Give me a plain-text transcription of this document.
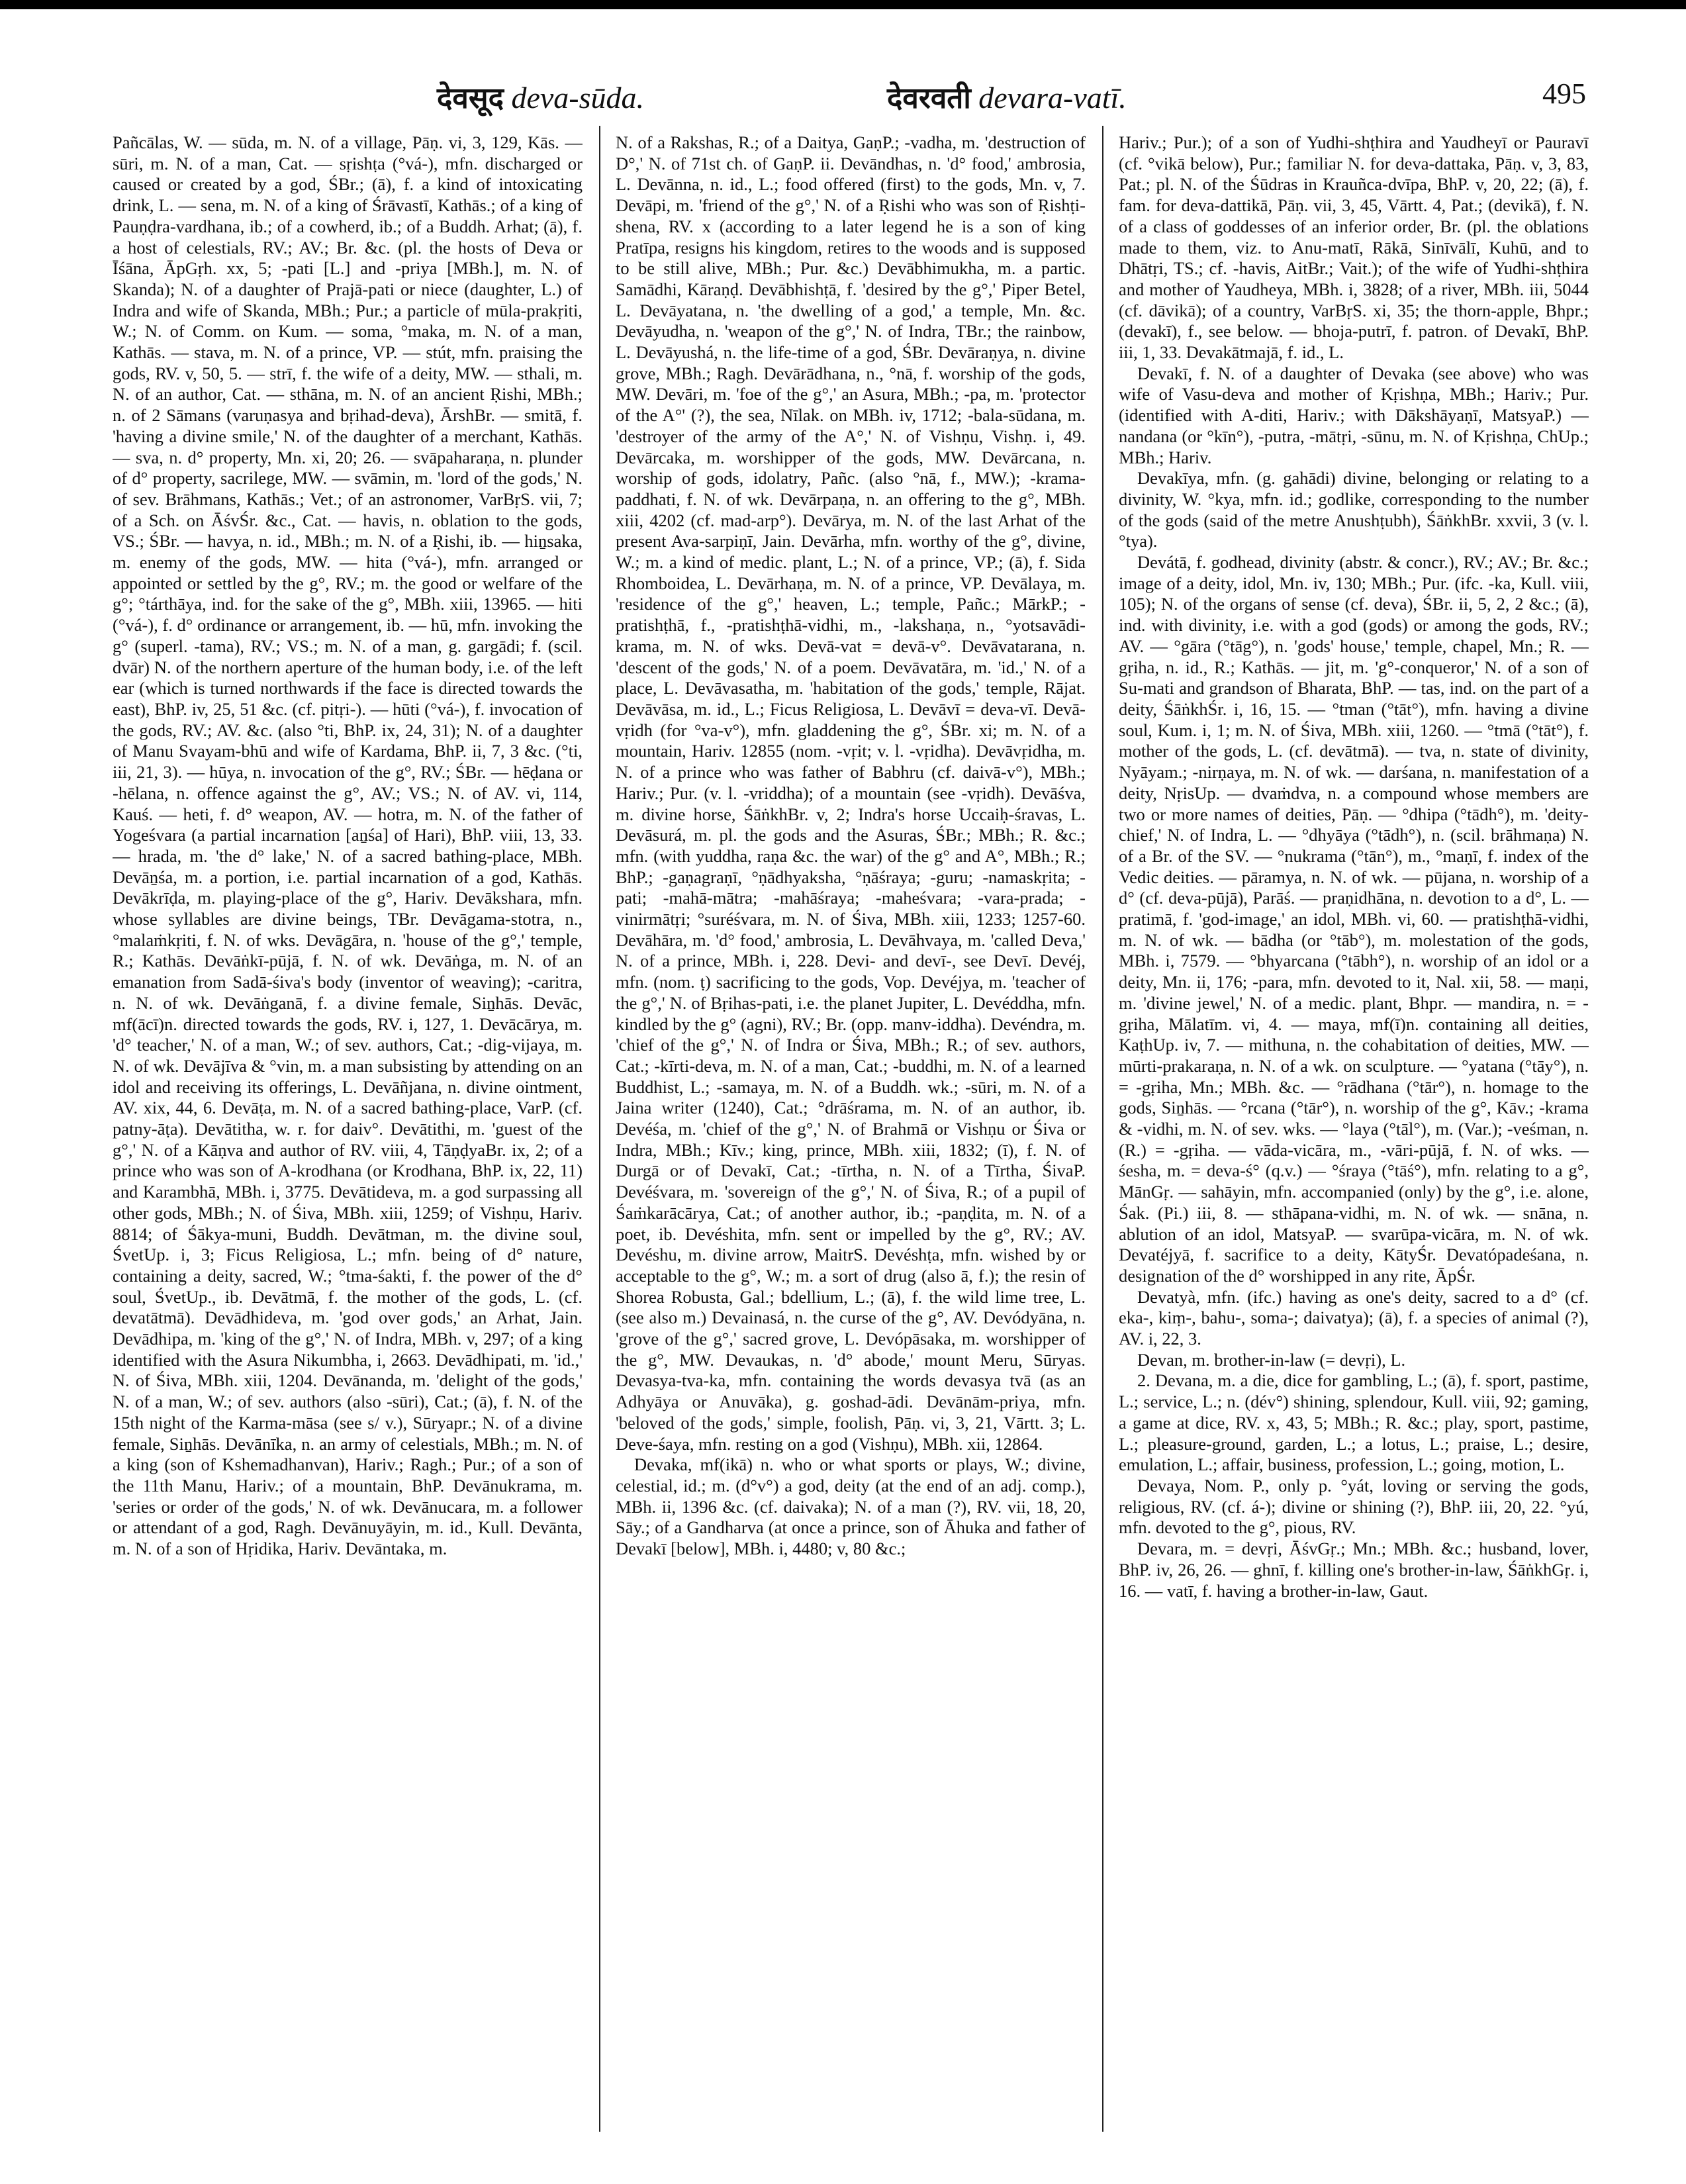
देवसूद deva-sūda.	देवरवती devara-vatī.	495

Pañcālas, W. — sūda, m. N. of a village, Pāṇ. vi, 3, 129, Kās. — sūri, m. N. of a man, Cat. — sṛishṭa (°vá-), mfn. discharged or caused or created by a god, ŚBr.; (ā), f. a kind of intoxicating drink, L. — sena, m. N. of a king of Śrāvastī, Kathās.; of a king of Pauṇḍra-vardhana, ib.; of a cowherd, ib.; of a Buddh. Arhat; (ā), f. a host of celestials, RV.; AV.; Br. &c. (pl. the hosts of Deva or Īśāna, ĀpGṛh. xx, 5; -pati [L.] and -priya [MBh.], m. N. of Skanda); N. of a daughter of Prajā-pati or niece (daughter, L.) of Indra and wife of Skanda, MBh.; Pur.; a particle of mūla-prakṛiti, W.; N. of Comm. on Kum. — soma, °maka, m. N. of a man, Kathās. — stava, m. N. of a prince, VP. — stút, mfn. praising the gods, RV. v, 50, 5. — strī, f. the wife of a deity, MW. — sthali, m. N. of an author, Cat. — sthāna, m. N. of an ancient Ṛishi, MBh.; n. of 2 Sāmans (varuṇasya and bṛihad-deva), ĀrshBr. — smitā, f. 'having a divine smile,' N. of the daughter of a merchant, Kathās. — sva, n. d° property, Mn. xi, 20; 26. — svāpaharaṇa, n. plunder of d° property, sacrilege, MW. — svāmin, m. 'lord of the gods,' N. of sev. Brāhmans, Kathās.; Vet.; of an astronomer, VarBṛS. vii, 7; of a Sch. on ĀśvŚr. &c., Cat. — havis, n. oblation to the gods, VS.; ŚBr. — havya, n. id., MBh.; m. N. of a Ṛishi, ib. — hiṉsaka, m. enemy of the gods, MW. — hita (°vá-), mfn. arranged or appointed or settled by the g°, RV.; m. the good or welfare of the g°; °tárthāya, ind. for the sake of the g°, MBh. xiii, 13965. — hiti (°vá-), f. d° ordinance or arrangement, ib. — hū, mfn. invoking the g° (superl. -tama), RV.; VS.; m. N. of a man, g. gargādi; f. (scil. dvār) N. of the northern aperture of the human body, i.e. of the left ear (which is turned northwards if the face is directed towards the east), BhP. iv, 25, 51 &c. (cf. pitṛi-). — hūti (°vá-), f. invocation of the gods, RV.; AV. &c. (also °ti, BhP. ix, 24, 31); N. of a daughter of Manu Svayam-bhū and wife of Kardama, BhP. ii, 7, 3 &c. (°ti, iii, 21, 3). — hūya, n. invocation of the g°, RV.; ŚBr. — hēḍana or -hēlana, n. offence against the g°, AV.; VS.; N. of AV. vi, 114, Kauś. — heti, f. d° weapon, AV. — hotra, m. N. of the father of Yogeśvara (a partial incarnation [aṉśa] of Hari), BhP. viii, 13, 33. — hrada, m. 'the d° lake,' N. of a sacred bathing-place, MBh. Devāṉśa, m. a portion, i.e. partial incarnation of a god, Kathās. Devākrīḍa, m. playing-place of the g°, Hariv. Devākshara, mfn. whose syllables are divine beings, TBr. Devāgama-stotra, n., °malaṁkṛiti, f. N. of wks. Devāgāra, n. 'house of the g°,' temple, R.; Kathās. Devāṅkī-pūjā, f. N. of wk. Devāṅga, m. N. of an emanation from Sadā-śiva's body (inventor of weaving); -caritra, n. N. of wk. Devāṅganā, f. a divine female, Siṉhās. Devāc, mf(ācī)n. directed towards the gods, RV. i, 127, 1. Devācārya, m. 'd° teacher,' N. of a man, W.; of sev. authors, Cat.; -dig-vijaya, m. N. of wk. Devājīva & °vin, m. a man subsisting by attending on an idol and receiving its offerings, L. Devāñjana, n. divine ointment, AV. xix, 44, 6. Devāṭa, m. N. of a sacred bathing-place, VarP. (cf. patny-āṭa). Devātitha, w. r. for daiv°. Devātithi, m. 'guest of the g°,' N. of a Kāṇva and author of RV. viii, 4, TāṇḍyaBr. ix, 2; of a prince who was son of A-krodhana (or Krodhana, BhP. ix, 22, 11) and Karambhā, MBh. i, 3775. Devātideva, m. a god surpassing all other gods, MBh.; N. of Śiva, MBh. xiii, 1259; of Vishṇu, Hariv. 8814; of Śākya-muni, Buddh. Devātman, m. the divine soul, ŚvetUp. i, 3; Ficus Religiosa, L.; mfn. being of d° nature, containing a deity, sacred, W.; °tma-śakti, f. the power of the d° soul, ŚvetUp., ib. Devātmā, f. the mother of the gods, L. (cf. devatātmā). Devādhideva, m. 'god over gods,' an Arhat, Jain. Devādhipa, m. 'king of the g°,' N. of Indra, MBh. v, 297; of a king identified with the Asura Nikumbha, i, 2663. Devādhipati, m. 'id.,' N. of Śiva, MBh. xiii, 1204. Devānanda, m. 'delight of the gods,' N. of a man, W.; of sev. authors (also -sūri), Cat.; (ā), f. N. of the 15th night of the Karma-māsa (see s/ v.), Sūryapr.; N. of a divine female, Siṉhās. Devānīka, n. an army of celestials, MBh.; m. N. of a king (son of Kshemadhanvan), Hariv.; Ragh.; Pur.; of a son of the 11th Manu, Hariv.; of a mountain, BhP. Devānukrama, m. 'series or order of the gods,' N. of wk. Devānucara, m. a follower or attendant of a god, Ragh. Devānuyāyin, m. id., Kull. Devānta, m. N. of a son of Hṛidika, Hariv. Devāntaka, m.

N. of a Rakshas, R.; of a Daitya, GaṇP.; -vadha, m. 'destruction of D°,' N. of 71st ch. of GaṇP. ii. Devāndhas, n. 'd° food,' ambrosia, L. Devānna, n. id., L.; food offered (first) to the gods, Mn. v, 7. Devāpi, m. 'friend of the g°,' N. of a Ṛishi who was son of Ṛishṭi-shena, RV. x (according to a later legend he is a son of king Pratīpa, resigns his kingdom, retires to the woods and is supposed to be still alive, MBh.; Pur. &c.) Devābhimukha, m. a partic. Samādhi, Kāraṇḍ. Devābhishṭā, f. 'desired by the g°,' Piper Betel, L. Devāyatana, n. 'the dwelling of a god,' a temple, Mn. &c. Devāyudha, n. 'weapon of the g°,' N. of Indra, TBr.; the rainbow, L. Devāyushá, n. the life-time of a god, ŚBr. Devāraṇya, n. divine grove, MBh.; Ragh. Devārādhana, n., °nā, f. worship of the gods, MW. Devāri, m. 'foe of the g°,' an Asura, MBh.; -pa, m. 'protector of the A°' (?), the sea, Nīlak. on MBh. iv, 1712; -bala-sūdana, m. 'destroyer of the army of the A°,' N. of Vishṇu, Vishṇ. i, 49. Devārcaka, m. worshipper of the gods, MW. Devārcana, n. worship of gods, idolatry, Pañc. (also °nā, f., MW.); -krama-paddhati, f. N. of wk. Devārpaṇa, n. an offering to the g°, MBh. xiii, 4202 (cf. mad-arp°). Devārya, m. N. of the last Arhat of the present Ava-sarpiṇī, Jain. Devārha, mfn. worthy of the g°, divine, W.; m. a kind of medic. plant, L.; N. of a prince, VP.; (ā), f. Sida Rhomboidea, L. Devārhaṇa, m. N. of a prince, VP. Devālaya, m. 'residence of the g°,' heaven, L.; temple, Pañc.; MārkP.; -pratishṭhā, f., -pratishṭhā-vidhi, m., -lakshaṇa, n., °yotsavādi-krama, m. N. of wks. Devā-vat = devā-v°. Devāvatarana, n. 'descent of the gods,' N. of a poem. Devāvatāra, m. 'id.,' N. of a place, L. Devāvasatha, m. 'habitation of the gods,' temple, Rājat. Devāvāsa, m. id., L.; Ficus Religiosa, L. Devāvī = deva-vī. Devā-vṛidh (for °va-v°), mfn. gladdening the g°, ŚBr. xi; m. N. of a mountain, Hariv. 12855 (nom. -vṛit; v. l. -vṛidha). Devāvṛidha, m. N. of a prince who was father of Babhru (cf. daivā-v°), MBh.; Hariv.; Pur. (v. l. -vriddha); of a mountain (see -vṛidh). Devāśva, m. divine horse, ŚāṅkhBr. v, 2; Indra's horse Uccaiḥ-śravas, L. Devāsurá, m. pl. the gods and the Asuras, ŚBr.; MBh.; R. &c.; mfn. (with yuddha, raṇa &c. the war) of the g° and A°, MBh.; R.; BhP.; -gaṇagraṇī, °ṇādhyaksha, °ṇāśraya; -guru; -namaskṛita; -pati; -mahā-mātra; -mahāśraya; -maheśvara; -vara-prada; -vinirmātṛi; °suréśvara, m. N. of Śiva, MBh. xiii, 1233; 1257-60. Devāhāra, m. 'd° food,' ambrosia, L. Devāhvaya, m. 'called Deva,' N. of a prince, MBh. i, 228. Devi- and devī-, see Devī. Devéj, mfn. (nom. ṭ) sacrificing to the gods, Vop. Devéjya, m. 'teacher of the g°,' N. of Bṛihas-pati, i.e. the planet Jupiter, L. Devéddha, mfn. kindled by the g° (agni), RV.; Br. (opp. manv-iddha). Devéndra, m. 'chief of the g°,' N. of Indra or Śiva, MBh.; R.; of sev. authors, Cat.; -kīrti-deva, m. N. of a man, Cat.; -buddhi, m. N. of a learned Buddhist, L.; -samaya, m. N. of a Buddh. wk.; -sūri, m. N. of a Jaina writer (1240), Cat.; °drāśrama, m. N. of an author, ib. Devéśa, m. 'chief of the g°,' N. of Brahmā or Vishṇu or Śiva or Indra, MBh.; Kīv.; king, prince, MBh. xiii, 1832; (ī), f. N. of Durgā or of Devakī, Cat.; -tīrtha, n. N. of a Tīrtha, ŚivaP. Devéśvara, m. 'sovereign of the g°,' N. of Śiva, R.; of a pupil of Śaṁkarācārya, Cat.; of another author, ib.; -paṇḍita, m. N. of a poet, ib. Devéshita, mfn. sent or impelled by the g°, RV.; AV. Devéshu, m. divine arrow, MaitrS. Devéshṭa, mfn. wished by or acceptable to the g°, W.; m. a sort of drug (also ā, f.); the resin of Shorea Robusta, Gal.; bdellium, L.; (ā), f. the wild lime tree, L. (see also m.) Devainasá, n. the curse of the g°, AV. Devódyāna, n. 'grove of the g°,' sacred grove, L. Devópāsaka, m. worshipper of the g°, MW. Devaukas, n. 'd° abode,' mount Meru, Sūryas. Devasya-tva-ka, mfn. containing the words devasya tvā (as an Adhyāya or Anuvāka), g. goshad-ādi. Devānām-priya, mfn. 'beloved of the gods,' simple, foolish, Pāṇ. vi, 3, 21, Vārtt. 3; L. Deve-śaya, mfn. resting on a god (Vishṇu), MBh. xii, 12864.

Devaka, mf(ikā) n. who or what sports or plays, W.; divine, celestial, id.; m. (d°v°) a god, deity (at the end of an adj. comp.), MBh. ii, 1396 &c. (cf. daivaka); N. of a man (?), RV. vii, 18, 20, Sāy.; of a Gandharva (at once a prince, son of Āhuka and father of Devakī [below], MBh. i, 4480; v, 80 &c.;

Hariv.; Pur.); of a son of Yudhi-shṭhira and Yaudheyī or Pauravī (cf. °vikā below), Pur.; familiar N. for deva-dattaka, Pāṇ. v, 3, 83, Pat.; pl. N. of the Śūdras in Krauñca-dvīpa, BhP. v, 20, 22; (ā), f. fam. for deva-dattikā, Pāṇ. vii, 3, 45, Vārtt. 4, Pat.; (devikā), f. N. of a class of goddesses of an inferior order, Br. (pl. the oblations made to them, viz. to Anu-matī, Rākā, Sinīvālī, Kuhū, and to Dhātṛi, TS.; cf. -havis, AitBr.; Vait.); of the wife of Yudhi-shṭhira and mother of Yaudheya, MBh. i, 3828; of a river, MBh. iii, 5044 (cf. dāvikā); of a country, VarBṛS. xi, 35; the thorn-apple, Bhpr.; (devakī), f., see below. — bhoja-putrī, f. patron. of Devakī, BhP. iii, 1, 33. Devakātmajā, f. id., L.

Devakī, f. N. of a daughter of Devaka (see above) who was wife of Vasu-deva and mother of Kṛishṇa, MBh.; Hariv.; Pur. (identified with A-diti, Hariv.; with Dākshāyaṇī, MatsyaP.) — nandana (or °kīn°), -putra, -mātṛi, -sūnu, m. N. of Kṛishṇa, ChUp.; MBh.; Hariv.

Devakīya, mfn. (g. gahādi) divine, belonging or relating to a divinity, W. °kya, mfn. id.; godlike, corresponding to the number of the gods (said of the metre Anushṭubh), ŚāṅkhBr. xxvii, 3 (v. l. °tya).

Devátā, f. godhead, divinity (abstr. & concr.), RV.; AV.; Br. &c.; image of a deity, idol, Mn. iv, 130; MBh.; Pur. (ifc. -ka, Kull. viii, 105); N. of the organs of sense (cf. deva), ŚBr. ii, 5, 2, 2 &c.; (ā), ind. with divinity, i.e. with a god (gods) or among the gods, RV.; AV. — °gāra (°tāg°), n. 'gods' house,' temple, chapel, Mn.; R. — gṛiha, n. id., R.; Kathās. — jit, m. 'g°-conqueror,' N. of a son of Su-mati and grandson of Bharata, BhP. — tas, ind. on the part of a deity, ŚāṅkhŚr. i, 16, 15. — °tman (°tāt°), mfn. having a divine soul, Kum. i, 1; m. N. of Śiva, MBh. xiii, 1260. — °tmā (°tāt°), f. mother of the gods, L. (cf. devātmā). — tva, n. state of divinity, Nyāyam.; -nirṇaya, m. N. of wk. — darśana, n. manifestation of a deity, NṛisUp. — dvaṁdva, n. a compound whose members are two or more names of deities, Pāṇ. — °dhipa (°tādh°), m. 'deity-chief,' N. of Indra, L. — °dhyāya (°tādh°), n. (scil. brāhmaṇa) N. of a Br. of the SV. — °nukrama (°tān°), m., °maṇī, f. index of the Vedic deities. — pāramya, n. N. of wk. — pūjana, n. worship of a d° (cf. deva-pūjā), Parāś. — praṇidhāna, n. devotion to a d°, L. — pratimā, f. 'god-image,' an idol, MBh. vi, 60. — pratishṭhā-vidhi, m. N. of wk. — bādha (or °tāb°), m. molestation of the gods, MBh. i, 7579. — °bhyarcana (°tābh°), n. worship of an idol or a deity, Mn. ii, 176; -para, mfn. devoted to it, Nal. xii, 58. — maṇi, m. 'divine jewel,' N. of a medic. plant, Bhpr. — mandira, n. = -gṛiha, Mālatīm. vi, 4. — maya, mf(ī)n. containing all deities, KaṭhUp. iv, 7. — mithuna, n. the cohabitation of deities, MW. — mūrti-prakaraṇa, n. N. of a wk. on sculpture. — °yatana (°tāy°), n. = -gṛiha, Mn.; MBh. &c. — °rādhana (°tār°), n. homage to the gods, Siṉhās. — °rcana (°tār°), n. worship of the g°, Kāv.; -krama & -vidhi, m. N. of sev. wks. — °laya (°tāl°), m. (Var.); -veśman, n. (R.) = -gṛiha. — vāda-vicāra, m., -vāri-pūjā, f. N. of wks. — śesha, m. = deva-ś° (q.v.) — °śraya (°tāś°), mfn. relating to a g°, MānGṛ. — sahāyin, mfn. accompanied (only) by the g°, i.e. alone, Śak. (Pi.) iii, 8. — sthāpana-vidhi, m. N. of wk. — snāna, n. ablution of an idol, MatsyaP. — svarūpa-vicāra, m. N. of wk. Devatéjyā, f. sacrifice to a deity, KātyŚr. Devatópadeśana, n. designation of the d° worshipped in any rite, ĀpŚr.

Devatyà, mfn. (ifc.) having as one's deity, sacred to a d° (cf. eka-, kiṃ-, bahu-, soma-; daivatya); (ā), f. a species of animal (?), AV. i, 22, 3.

Devan, m. brother-in-law (= devṛi), L.

2. Devana, m. a die, dice for gambling, L.; (ā), f. sport, pastime, L.; service, L.; n. (dév°) shining, splendour, Kull. viii, 92; gaming, a game at dice, RV. x, 43, 5; MBh.; R. &c.; play, sport, pastime, L.; pleasure-ground, garden, L.; a lotus, L.; praise, L.; desire, emulation, L.; affair, business, profession, L.; going, motion, L.

Devaya, Nom. P., only p. °yát, loving or serving the gods, religious, RV. (cf. á-); divine or shining (?), BhP. iii, 20, 22. °yú, mfn. devoted to the g°, pious, RV.

Devara, m. = devṛi, ĀśvGṛ.; Mn.; MBh. &c.; husband, lover, BhP. iv, 26, 26. — ghnī, f. killing one's brother-in-law, ŚāṅkhGṛ. i, 16. — vatī, f. having a brother-in-law, Gaut.
